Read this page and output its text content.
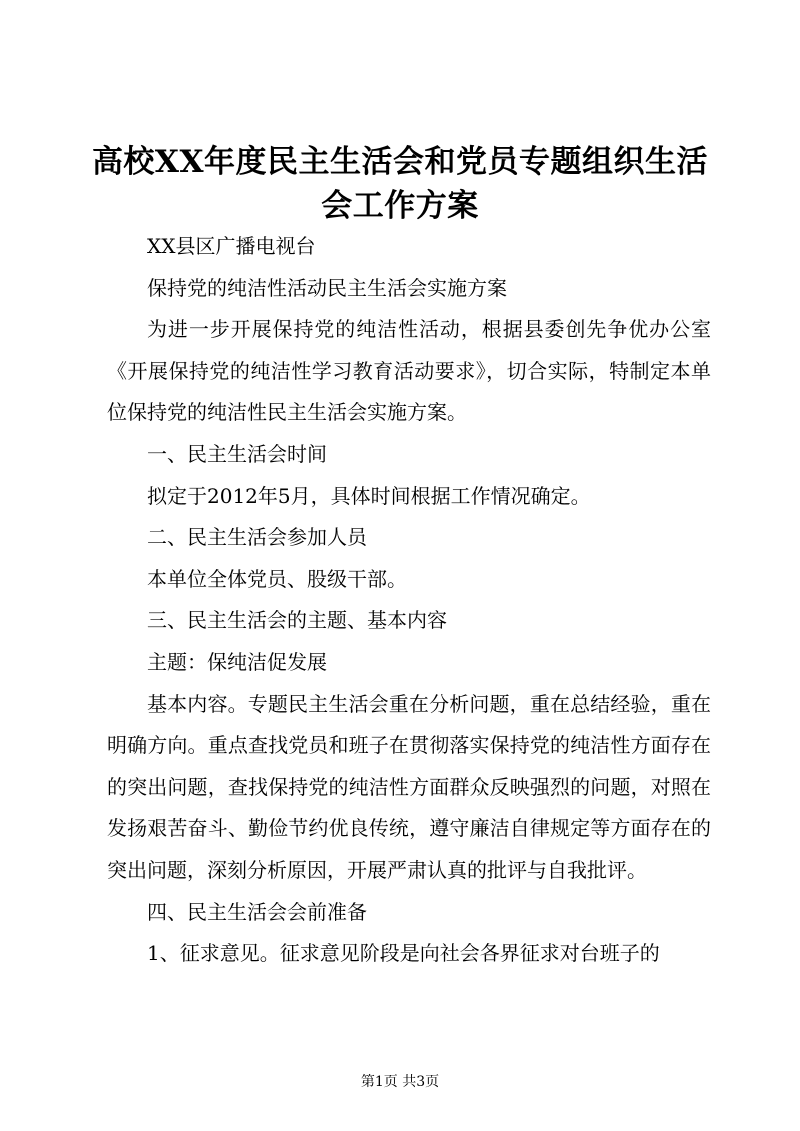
高校XX年度民主生活会和党员专题组织生活会工作方案

XX县区广播电视台

保持党的纯洁性活动民主生活会实施方案

为进一步开展保持党的纯洁性活动，根据县委创先争优办公室《开展保持党的纯洁性学习教育活动要求》，切合实际，特制定本单位保持党的纯洁性民主生活会实施方案。

一、民主生活会时间

拟定于2012年5月，具体时间根据工作情况确定。

二、民主生活会参加人员

本单位全体党员、股级干部。

三、民主生活会的主题、基本内容

主题：保纯洁促发展

基本内容。专题民主生活会重在分析问题，重在总结经验，重在明确方向。重点查找党员和班子在贯彻落实保持党的纯洁性方面存在的突出问题，查找保持党的纯洁性方面群众反映强烈的问题，对照在发扬艰苦奋斗、勤俭节约优良传统，遵守廉洁自律规定等方面存在的突出问题，深刻分析原因，开展严肃认真的批评与自我批评。

四、民主生活会会前准备

1、征求意见。征求意见阶段是向社会各界征求对台班子的

第1页 共3页
